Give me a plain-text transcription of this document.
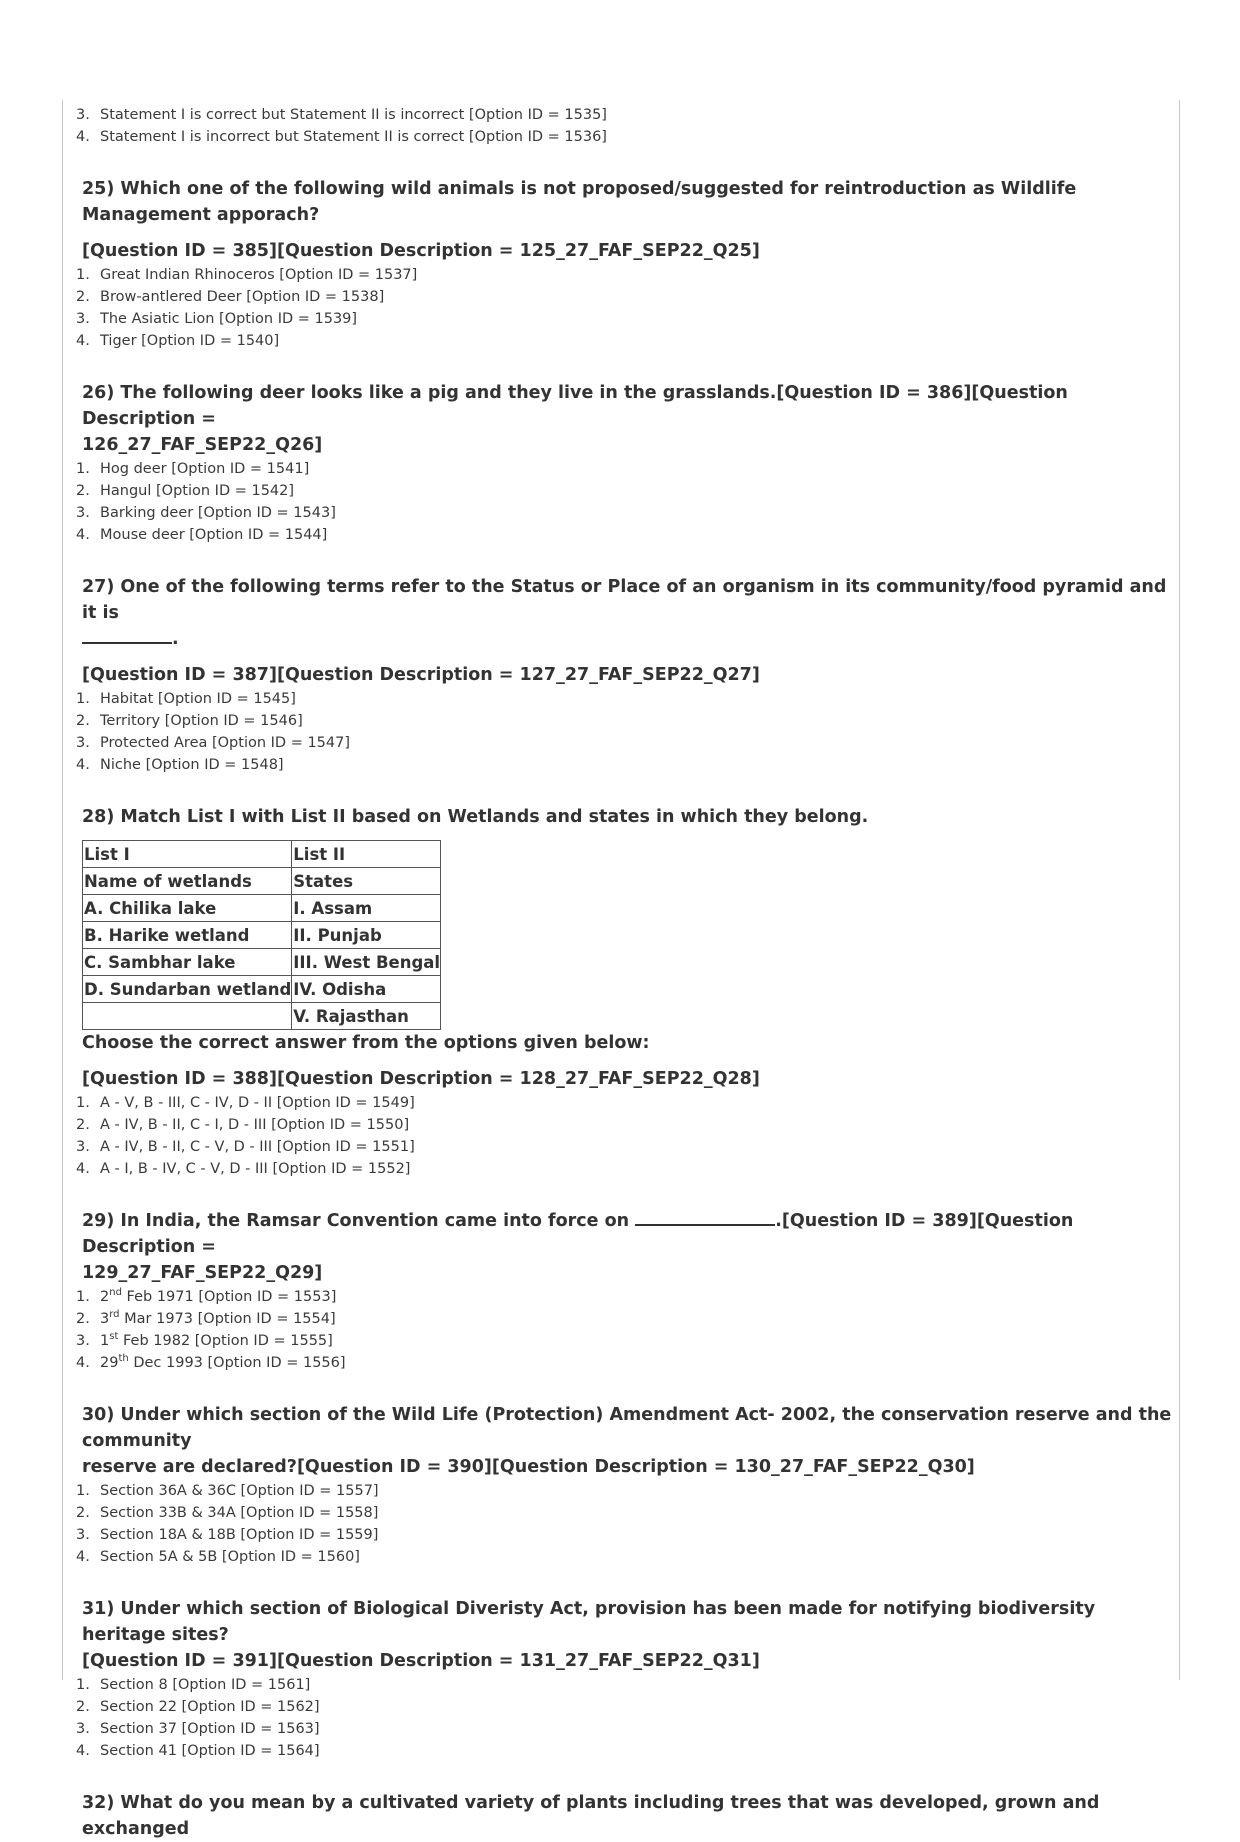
3. Statement I is correct but Statement II is incorrect [Option ID = 1535]
4. Statement I is incorrect but Statement II is correct [Option ID = 1536]
25) Which one of the following wild animals is not proposed/suggested for reintroduction as Wildlife Management apporach?
[Question ID = 385][Question Description = 125_27_FAF_SEP22_Q25]
1. Great Indian Rhinoceros [Option ID = 1537]
2. Brow-antlered Deer [Option ID = 1538]
3. The Asiatic Lion [Option ID = 1539]
4. Tiger [Option ID = 1540]
26) The following deer looks like a pig and they live in the grasslands.[Question ID = 386][Question Description =
126_27_FAF_SEP22_Q26]
1. Hog deer [Option ID = 1541]
2. Hangul [Option ID = 1542]
3. Barking deer [Option ID = 1543]
4. Mouse deer [Option ID = 1544]
27) One of the following terms refer to the Status or Place of an organism in its community/food pyramid and it is
.
[Question ID = 387][Question Description = 127_27_FAF_SEP22_Q27]
1. Habitat [Option ID = 1545]
2. Territory [Option ID = 1546]
3. Protected Area [Option ID = 1547]
4. Niche [Option ID = 1548]
28) Match List I with List II based on Wetlands and states in which they belong.
List I	List II
Name of wetlands	States
A. Chilika lake	I. Assam
B. Harike wetland	II. Punjab
C. Sambhar lake	III. West Bengal
D. Sundarban wetland	IV. Odisha
	V. Rajasthan
Choose the correct answer from the options given below:
[Question ID = 388][Question Description = 128_27_FAF_SEP22_Q28]
1. A - V, B - III, C - IV, D - II [Option ID = 1549]
2. A - IV, B - II, C - I, D - III [Option ID = 1550]
3. A - IV, B - II, C - V, D - III [Option ID = 1551]
4. A - I, B - IV, C - V, D - III [Option ID = 1552]
29) In India, the Ramsar Convention came into force on	.[Question ID = 389][Question Description =
129_27_FAF_SEP22_Q29]
1. 2nd Feb 1971 [Option ID = 1553]
2. 3rd Mar 1973 [Option ID = 1554]
3. 1st Feb 1982 [Option ID = 1555]
4. 29th Dec 1993 [Option ID = 1556]
30) Under which section of the Wild Life (Protection) Amendment Act- 2002, the conservation reserve and the community
reserve are declared?[Question ID = 390][Question Description = 130_27_FAF_SEP22_Q30]
1. Section 36A & 36C [Option ID = 1557]
2. Section 33B & 34A [Option ID = 1558]
3. Section 18A & 18B [Option ID = 1559]
4. Section 5A & 5B [Option ID = 1560]
31) Under which section of Biological Diveristy Act, provision has been made for notifying biodiversity heritage sites?
[Question ID = 391][Question Description = 131_27_FAF_SEP22_Q31]
1. Section 8 [Option ID = 1561]
2. Section 22 [Option ID = 1562]
3. Section 37 [Option ID = 1563]
4. Section 41 [Option ID = 1564]
32) What do you mean by a cultivated variety of plants including trees that was developed, grown and exchanged
